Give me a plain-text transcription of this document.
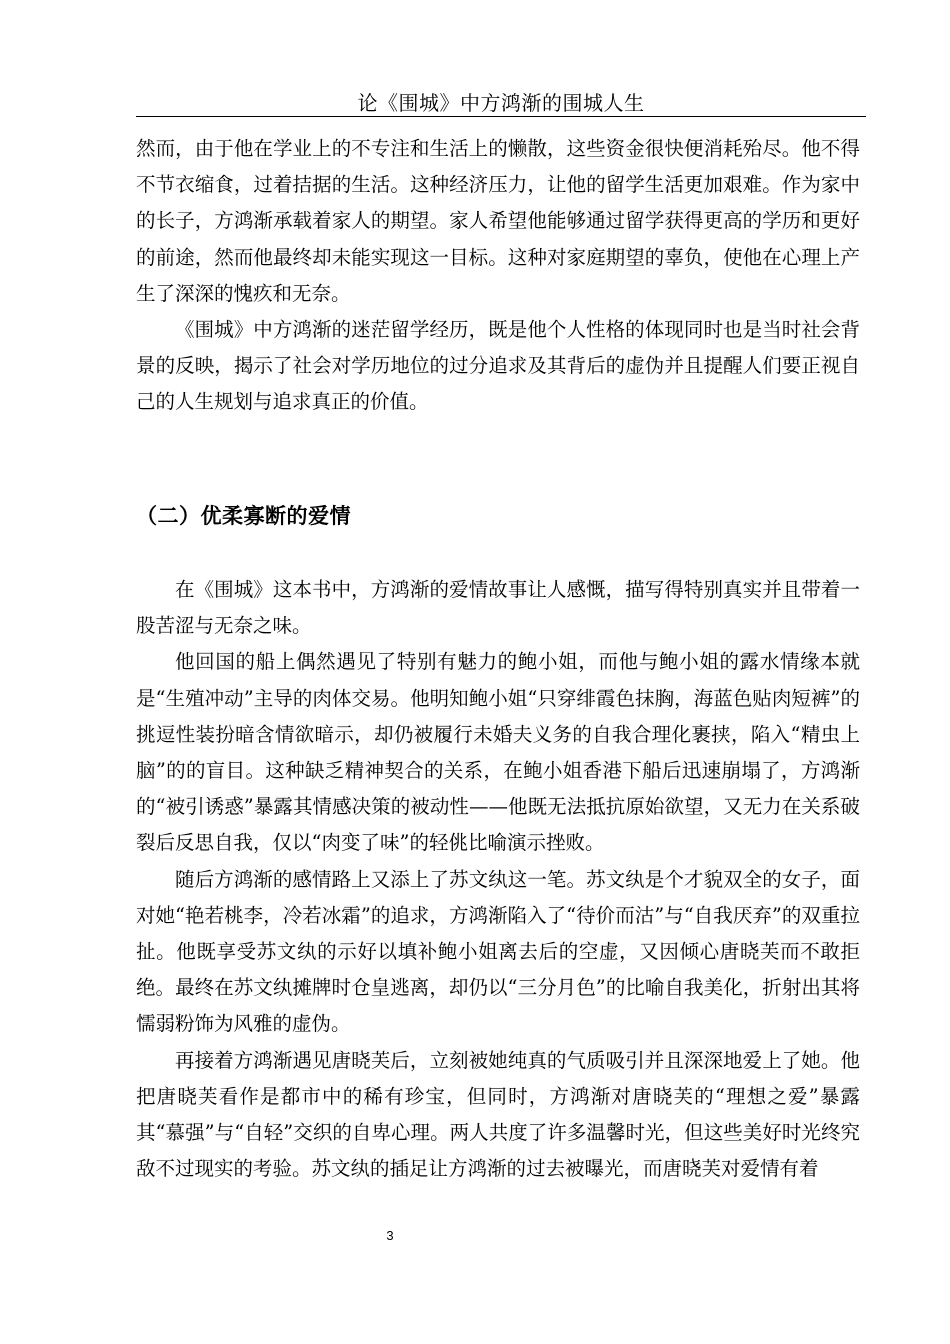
论《围城》中方鸿渐的围城人生

然而，由于他在学业上的不专注和生活上的懒散，这些资金很快便消耗殆尽。他不得不节衣缩食，过着拮据的生活。这种经济压力，让他的留学生活更加艰难。作为家中的长子，方鸿渐承载着家人的期望。家人希望他能够通过留学获得更高的学历和更好的前途，然而他最终却未能实现这一目标。这种对家庭期望的辜负，使他在心理上产生了深深的愧疚和无奈。

《围城》中方鸿渐的迷茫留学经历，既是他个人性格的体现同时也是当时社会背景的反映，揭示了社会对学历地位的过分追求及其背后的虚伪并且提醒人们要正视自己的人生规划与追求真正的价值。

（二）优柔寡断的爱情

在《围城》这本书中，方鸿渐的爱情故事让人感慨，描写得特别真实并且带着一股苦涩与无奈之味。

他回国的船上偶然遇见了特别有魅力的鲍小姐，而他与鲍小姐的露水情缘本就是“生殖冲动”主导的肉体交易。他明知鲍小姐“只穿绯霞色抹胸，海蓝色贴肉短裤”的挑逗性装扮暗含情欲暗示，却仍被履行未婚夫义务的自我合理化裹挟，陷入“精虫上脑”的的盲目。这种缺乏精神契合的关系，在鲍小姐香港下船后迅速崩塌了，方鸿渐的“被引诱惑”暴露其情感决策的被动性——他既无法抵抗原始欲望，又无力在关系破裂后反思自我，仅以“肉变了味”的轻佻比喻演示挫败。

随后方鸿渐的感情路上又添上了苏文纨这一笔。苏文纨是个才貌双全的女子，面对她“艳若桃李，冷若冰霜”的追求，方鸿渐陷入了“待价而沽”与“自我厌弃”的双重拉扯。他既享受苏文纨的示好以填补鲍小姐离去后的空虚，又因倾心唐晓芙而不敢拒绝。最终在苏文纨摊牌时仓皇逃离，却仍以“三分月色”的比喻自我美化，折射出其将懦弱粉饰为风雅的虚伪。

再接着方鸿渐遇见唐晓芙后，立刻被她纯真的气质吸引并且深深地爱上了她。他把唐晓芙看作是都市中的稀有珍宝，但同时，方鸿渐对唐晓芙的“理想之爱”暴露其“慕强”与“自轻”交织的自卑心理。两人共度了许多温馨时光，但这些美好时光终究敌不过现实的考验。苏文纨的插足让方鸿渐的过去被曝光，而唐晓芙对爱情有着

3
